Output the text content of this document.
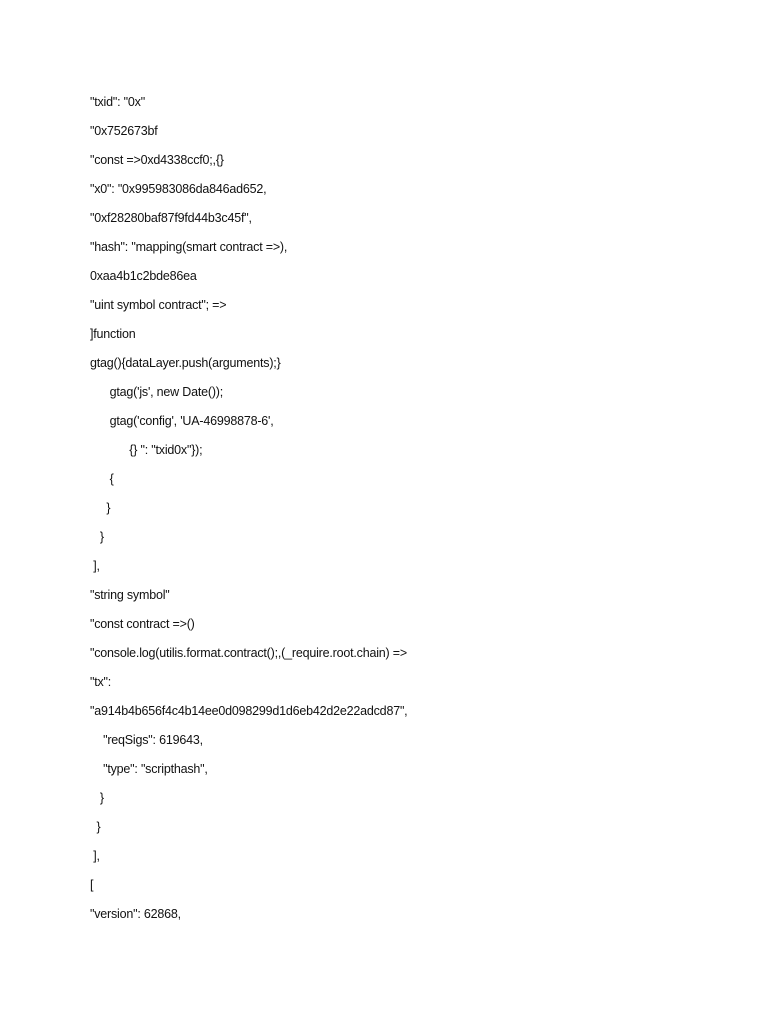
"txid": "0x"
"0x752673bf
"const =>0xd4338ccf0;,{}
"x0": "0x995983086da846ad652,
"0xf28280baf87f9fd44b3c45f",
"hash": "mapping(smart contract =>),
0xaa4b1c2bde86ea
"uint symbol contract"; =>
]function
gtag(){dataLayer.push(arguments);}
gtag('js', new Date());
gtag('config', 'UA-46998878-6',
{} ": "txid0x"});
{
}
}
],
"string symbol"
"const contract =>()
"console.log(utilis.format.contract();,(_require.root.chain) =>
"tx":
"a914b4b656f4c4b14ee0d098299d1d6eb42d2e22adcd87",
"reqSigs": 619643,
"type": "scripthash",
}
}
],
[
"version": 62868,
